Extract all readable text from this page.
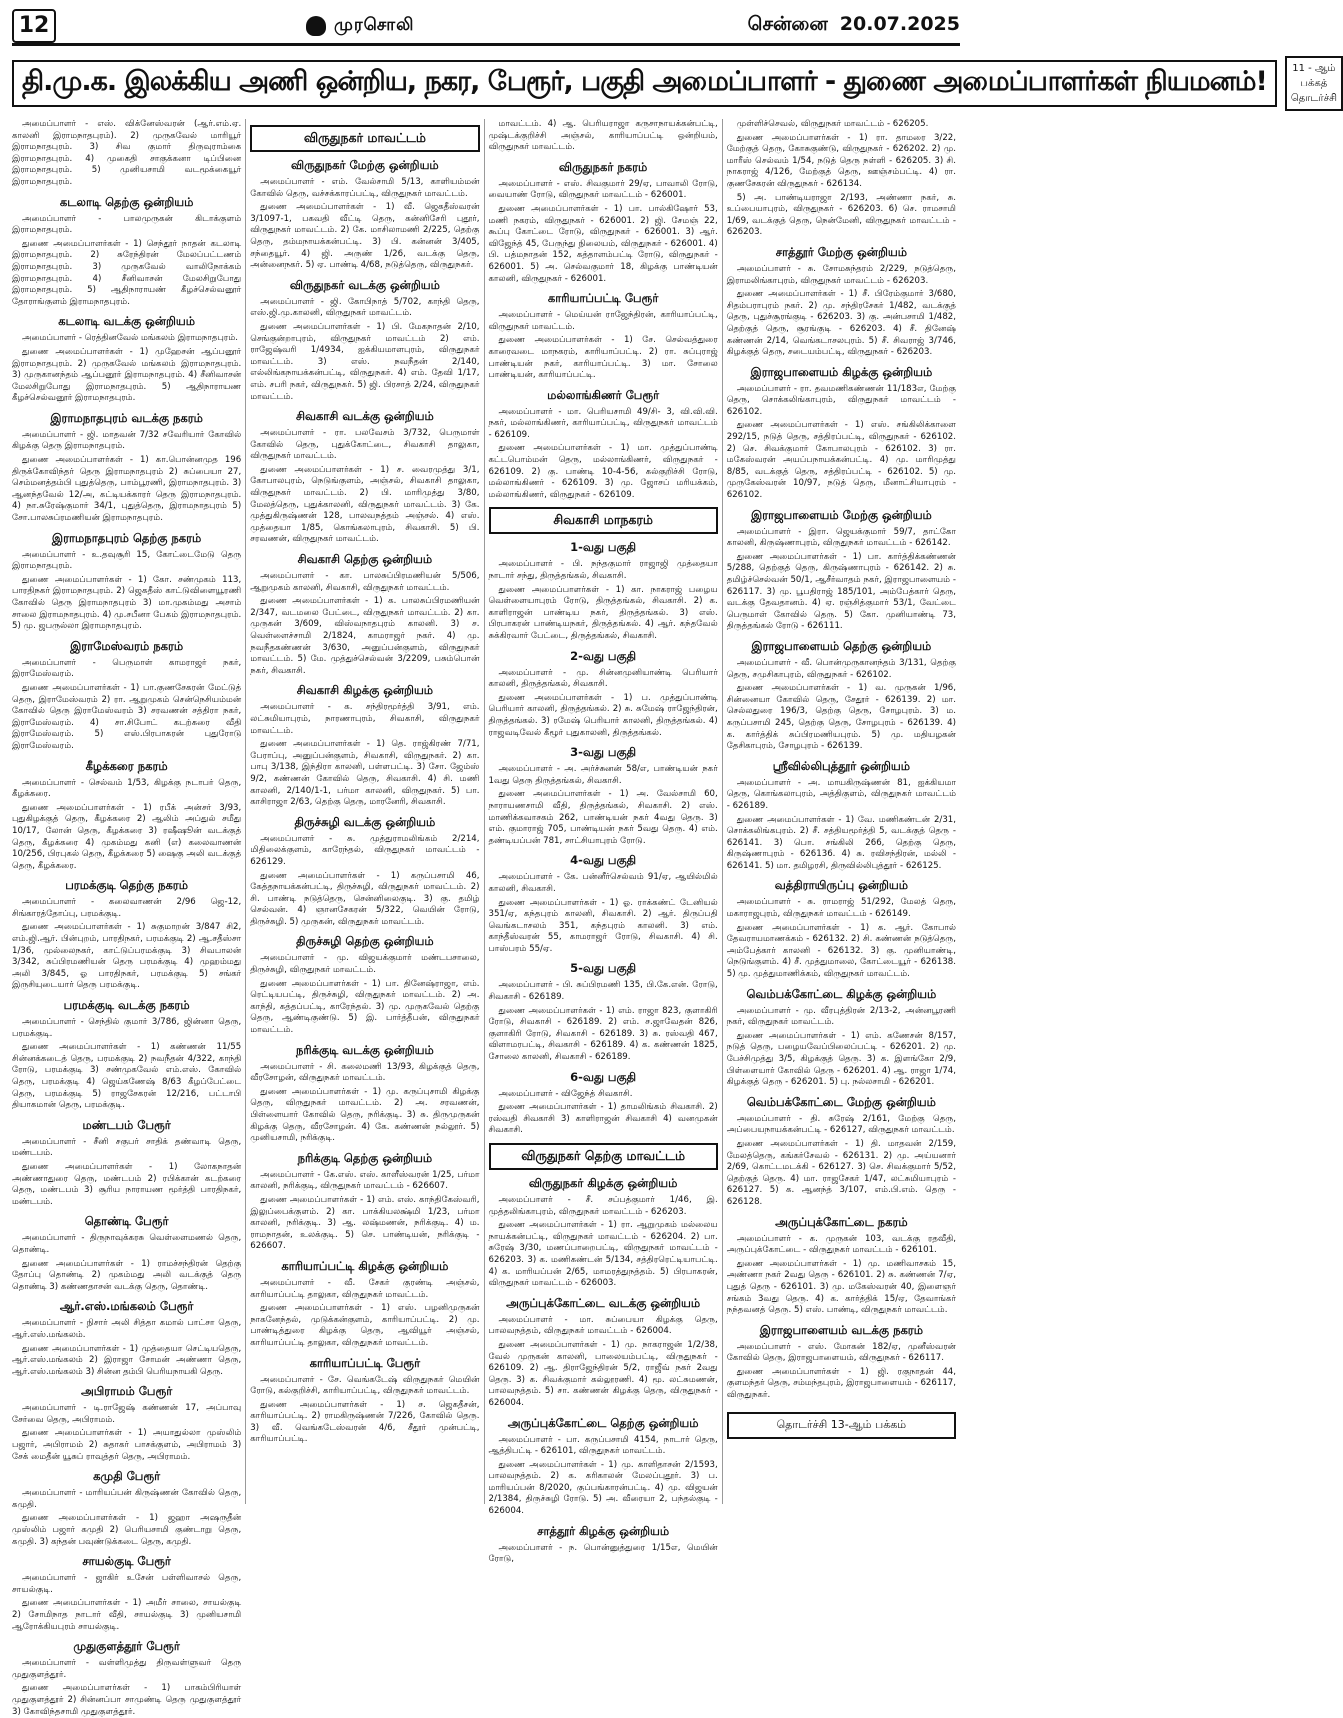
12	முரசொலி	சென்னை 20.07.2025
தி.மு.க. இலக்கிய அணி ஒன்றிய, நகர, பேரூர், பகுதி அமைப்பாளர் - துணை அமைப்பாளர்கள் நியமனம்!	11 - ஆம் பக்கத்
தொடர்ச்சி
அமைப்பாளர் - எஸ். விக்னேஸ்வரன் (ஆர்.எம்.ஏ. காலனி இராமநாதபுரம்). 2) முருகவேல் மாரியூர் இராமநாதபுரம். 3) சிவ குமார் திருவுராம்கை இராமநாதபுரம். 4) முகைதி சாகுக்கனா டிப்பினை இராமநாதபுரம். 5) முனியசாமி வடமூக்கையூர் இராமநாதபுரம்.
கடலாடி தெற்கு ஒன்றியம்
அமைப்பாளர் - பாலமுருகன் கிடாக்குளம் இராமநாதபுரம்.
துணை அமைப்பாளர்கள் - 1) செந்தூர் நாதன் கடலாடி இராமநாதபுரம். 2) சுரேந்திரன் மேலப்பட்டணம் இராமநாதபுரம். 3) முருகவேல் வாலிநோக்கம் இராமநாதபுரம். 4) சீனிவாசன் மேலசிறுபோது இராமநாதபுரம். 5) ஆதிநாராயண் கீழச்செல்வனூர் தோராங்குளம் இராமநாதபுரம்.
கடலாடி வடக்கு ஒன்றியம்
அமைப்பாளர் - ரெத்தினவேல் மங்கலம் இராமநாதபுரம்.
துணை அமைப்பாளர்கள் - 1) முஹேசன் ஆப்பனூர் இராமநாதபுரம். 2) முருகவேல் மங்கலம் இராமநாதபுரம். 3) முருகானந்தம் ஆப்பனூர் இராமநாதபுரம். 4) சீனிவாசன் மேலசிறுபோது இராமநாதபுரம். 5) ஆதிநாராயண கீழச்செல்வனூர் இராமநாதபுரம்.
இராமநாதபுரம் வடக்கு நகரம்
அமைப்பாளர் - ஜி. மாதவன் 7/32 சவேரியார் கோவில் கிழக்கு தெரு இராமநாதபுரம்.
துணை அமைப்பாளர்கள் - 1) கா.பொன்னமுத 196 திருக்கோவிந்தர் தெரு இராமநாதபுரம் 2) சுப்பையா 27, செம்மனத்தம்பி புதுத்தெரு, பாம்பூரணி, இராமநாதபுரம். 3) ஆனந்தவேல் 12/அ, கட்டியக்காரர் தெரு இராமநாதபுரம். 4) நா.சுரேஷ்குமார் 34/1, புதுத்தெரு, இராமநாதபுரம் 5) சோ.பாலசுப்ரமணியன் இராமநாதபுரம்.
இராமநாதபுரம் தெற்கு நகரம்
அமைப்பாளர் - உ.தவுசூரி 15, கோட்டைமேடு தெரு இராமநாதபுரம்.
துணை அமைப்பாளர்கள் - 1) கோ. சண்முகம் 113, பாரதிநகர் இராமநாதபுரம். 2) ஜெகதீஸ் காட்டுவிளையூரணி கோவில் தெரு இராமநாதபுரம் 3) மா.முகம்மது அசாம் சாலை இராமநாதபுரம். 4) மு.சபீனா பேகம் இராமநாதபுரம். 5) மு. ஜபருல்லா இராமநாதபுரம்.
இராமேஸ்வரம் நகரம்
அமைப்பாளர் - பெருமாள் காமராஜர் நகர், இராமேஸ்வரம்.
துணை அமைப்பாளர்கள் - 1) பா.குணசேகரன் மேட்டுத் தெரு, இராமேஸ்வரம் 2) ரா. ஆறுமுகம் சென்நெசியம்மன் கோவில் தெரு இராமேஸ்வரம் 3) சரவணன் சத்திரா நகர், இராமேஸ்வரம். 4) சா.சிபோட் கடற்கரை வீதி இராமேஸ்வரம். 5) எஸ்.பிரபாகரன் புதுரோடு இராமேஸ்வரம்.
கீழக்கரை நகரம்
அமைப்பாளர் - செல்வம் 1/53, கிழக்கு நடாபர் தெரு, கீழக்கரை.
துணை அமைப்பாளர்கள் - 1) ரபீக் அன்சர் 3/93, புதுகிழக்குத் தெரு, கீழக்கரை 2) ஆலிம் அப்துல் சமீது 10/17, லோன் தெரு, கீழக்கரை 3) ரஷீஷூன் வடக்குத் தெரு, கீழக்கரை 4) முகம்மது கனி (எ) கலைவாணன் 10/256, பிரபுகல் தெரு, கீழக்கரை 5) ஷைகு அலி வடக்குத் தெரு, கீழக்கரை.
பரமக்குடி தெற்கு நகரம்
அமைப்பாளர் - கலைவாணன் 2/96 ஜெ-12, சிங்காரத்தோப்பு, பரமக்குடி.
துணை அமைப்பாளர்கள் - 1) சுகுமாறன் 3/847 சி2, எம்.ஜி.ஆர். பின்புறம், பாரதிநகர், பரமக்குடி 2) ஆ.சதீஸ்சா 1/36, முல்லைநகர், காட்டுப்பரமக்குடி 3) சிவபாலன் 3/342, சுப்பிரமணியன் தெரு பரமக்குடி 4) முஹம்மது அலி 3/845, ஓ பாரதிநகர், பரமக்குடி 5) சங்கர் இருசியுடையார் தெரு பரமக்குடி.
பரமக்குடி வடக்கு நகரம்
அமைப்பாளர் - செந்தில் குமார் 3/786, ஜின்னா தெரு, பரமக்குடி.
துணை அமைப்பாளர்கள் - 1) கண்ணன் 11/55 சின்னக்கடைத் தெரு, பரமக்குடி 2) நவநீதன் 4/322, காந்தி ரோடு, பரமக்குடி 3) சண்முகவேல் எம்.எஸ். கோவில் தெரு, பரமக்குடி 4) ஜெய்கணேஷ் 8/63 கீழப்பேட்டை தெரு, பரமக்குடி 5) ராஜசேகரன் 12/216, பட்டாபி தியாகமான் தெரு, பரமக்குடி.
மண்டபம் பேரூர்
அமைப்பாளர் - சீனி சகுபர் சாதிக் தண்வாடி தெரு, மண்டபம்.
துணை அமைப்பாளர்கள் - 1) லோகநாதன் அண்ணாதுரை தெரு, மண்டபம் 2) ரபிக்கான் கடற்கரை தெரு, மண்டபம் 3) சூரிய நாராயண மூர்த்தி பாரதிநகர், மண்டபம்.
தொண்டி பேரூர்
அமைப்பாளர் - திருநாவுக்கரசு வெள்ளைமணல் தெரு, தொண்டி.
துணை அமைப்பாளர்கள் - 1) ராமச்சந்திரன் தெற்கு தோப்பு தொண்டி 2) முகம்மது அலி வடக்குத் தெரு தொண்டி 3) கண்ணதாசன் வடக்கு தெரு, தொண்டி.
ஆர்.எஸ்.மங்கலம் பேரூர்
அமைப்பாளர் - நிசார் அலி சித்தா கமால் பாட்சா தெரு, ஆர்.எஸ்.மங்கலம்.
துணை அமைப்பாளர்கள் - 1) முத்தையா செட்டியதெரு, ஆர்.எஸ்.மங்கலம் 2) இராஜா சோமன் அண்ணா தெரு, ஆர்.எஸ்.மங்கலம் 3) சின்ன தம்பி பெரியநாயகி தெரு.
அபிராமம் பேரூர்
அமைப்பாளர் - டி.ராஜேஷ் கண்ணன் 17, அப்பாவு சேர்வை தெரு, அபிராமம்.
துணை அமைப்பாளர்கள் - 1) அயாதுல்லா முஸ்லிம் பஜார், அபிராமம் 2) சுதாகர் பாசக்குளம், அபிராமம் 3) சேக் மைதீன் யூசுப் ராவுத்தர் தெரு, அபிராமம்.
கமுதி பேரூர்
அமைப்பாளர் - மாரியப்பன் கிருஷ்ணன் கோவில் தெரு, கமுதி.
துணை அமைப்பாளர்கள் - 1) ஜஹா அஷருதீன் முஸ்லிம் பஜார் கமுதி 2) பெரியசாமி குண்டாறு தெரு, கமுதி. 3) கந்தன் பவுண்டுக்கடை தெரு, கமுதி.
சாயல்குடி பேரூர்
அமைப்பாளர் - ஜாகிர் உசேன் பள்ளிவாசல் தெரு, சாயல்குடி.
துணை அமைப்பாளர்கள் - 1) அமீர் சாலை, சாயல்குடி 2) சோமிநாத நாடார் வீதி, சாயல்குடி 3) முனியசாமி ஆரோக்கியபுரம் சாயல்குடி.
முதுகுளத்தூர் பேரூர்
அமைப்பாளர் - வள்ளிமுத்து திருவள்ளுவர் தெரு முதுகுளத்தூர்.
துணை அமைப்பாளர்கள் - 1) பாகம்பிரியாள் முதுகுளத்தூர் 2) சின்னப்பா சாமுண்டி தெரு முதுகுளத்தூர் 3) கோவிந்தசாமி முதுகுளத்தூர்.
விருதுநகர் மாவட்டம்
விருதுநகர் மேற்கு ஒன்றியம்
அமைப்பாளர் - எம். வேல்சாமி 5/13, காளியம்மன் கோவில் தெரு, வச்சக்காரப்பட்டி, விருதுநகர் மாவட்டம்.
துணை அமைப்பாளர்கள் - 1) வீ. ஜெகதீஸ்வரன் 3/1097-1, பகவதி வீட்டி தெரு, கன்னிசேரி புதூர், விருதுநகர் மாவட்டம். 2) கே. மாசிலாமணி 2/225, தெற்கு தெரு, தம்மநாயக்கன்பட்டி. 3) பி. கன்னன் 3/405, சந்தையூர். 4) ஜி. அருண் 1/26, வடக்கு தெரு, அன்னைநகர். 5) ஏ. பாண்டி 4/68, நடுத்தெரு, விருதுநகர்.
விருதுநகர் வடக்கு ஒன்றியம்
அமைப்பாளர் - ஜி. கோபிநாத் 5/702, காந்தி தெரு, எஸ்.ஜி.மு.காலனி, விருதுநகர் மாவட்டம்.
துணை அமைப்பாளர்கள் - 1) பி. மேகநாதன் 2/10, செங்குன்றாபுரம், விருதுநகர் மாவட்டம் 2) எம். ராஜேஷ்வரி 1/4934, ஐக்கியமாளபுரம், விருதுநகர் மாவட்டம். 3) எஸ். நவநீதன் 2/140, எல்லிங்கநாயக்கன்பட்டி, விருதுநகர். 4) எம். தேவி 1/17, எம். சபரி நகர், விருதுநகர். 5) ஜி. பிரசாத் 2/24, விருதுநகர் மாவட்டம்.
சிவகாசி வடக்கு ஒன்றியம்
அமைப்பாளர் - ரா. பலவேசம் 3/732, பெருமாள் கோவில் தெரு, புதுக்கோட்டை, சிவகாசி தாலுகா, விருதுநகர் மாவட்டம்.
துணை அமைப்பாளர்கள் - 1) ச. வைரமுத்து 3/1, கோபாலபுரம், நெடுங்குளம், அஞ்சல், சிவகாசி தாலுகா, விருதுநகர் மாவட்டம். 2) பி. மாரிமுத்து 3/80, மேலத்தெரு, புதுக்காலனி, விருதுநகர் மாவட்டம். 3) கே. முத்துகிருஷ்ணன் 128, பாலவநத்தம் அஞ்சல். 4) எஸ். முத்தையா 1/85, கொங்கலாபுரம், சிவகாசி. 5) பி. சரவணன், விருதுநகர் மாவட்டம்.
சிவகாசி தெற்கு ஒன்றியம்
அமைப்பாளர் - கா. பாலசுப்பிரமணியன் 5/506, ஆறுமுகம் காலனி, சிவகாசி, விருதுநகர் மாவட்டம்.
துணை அமைப்பாளர்கள் - 1) க. பாலசுப்பிரமணியன் 2/347, வடமலை பேட்டை, விருதுநகர் மாவட்டம். 2) கா. முருகன் 3/609, விஸ்வநாதபுரம் காலனி. 3) ச. வெள்ளைச்சாமி 2/1824, காமராஜர் நகர். 4) மு. நவநீதகண்ணன் 3/630, அனுப்பன்குளம், விருதுநகர் மாவட்டம். 5) மே. முத்துச்செல்வன் 3/2209, பசும்பொன் நகர், சிவகாசி.
சிவகாசி கிழக்கு ஒன்றியம்
அமைப்பாளர் - க. சந்திரமூர்த்தி 3/91, எம். லட்சுமியாபுரம், நாரணாபுரம், சிவகாசி, விருதுநகர் மாவட்டம்.
துணை அமைப்பாளர்கள் - 1) தெ. ராஜ்கிரண் 7/71, பேராப்பு, அனுப்பன்குளம், சிவகாசி, விருதுநகர். 2) கா. பாபு 3/138, இந்திரா காலனி, பள்ளபட்டி. 3) சோ. ஜேம்ஸ் 9/2, கண்ணன் கோவில் தெரு, சிவகாசி. 4) சி. மணி காலனி, 2/140/1-1, பர்மா காலனி, விருதுநகர். 5) பா. காசிராஜா 2/63, தெற்கு தெரு, மாரனேரி, சிவகாசி.
திருச்சுழி வடக்கு ஒன்றியம்
அமைப்பாளர் - சு. முத்துராமலிங்கம் 2/214, மிதிலைக்குளம், காரேந்தல், விருதுநகர் மாவட்டம் - 626129.
துணை அமைப்பாளர்கள் - 1) கருப்பசாமி 46, கேத்தநாயக்கன்பட்டி, திருச்சுழி, விருதுநகர் மாவட்டம். 2) சி. பாண்டி நடுத்தெரு, சென்னிலைகுடி. 3) கு. தமிழ் செல்வன். 4) ஞானசேகரன் 5/322, வெயின் ரோடு, திருச்சுழி. 5) முருகன், விருதுநகர் மாவட்டம்.
திருச்சுழி தெற்கு ஒன்றியம்
அமைப்பாளர் - மு. விஜயக்குமார் மண்டபசாலை, திருச்சுழி, விருதுநகர் மாவட்டம்.
துணை அமைப்பாளர்கள் - 1) பா. தினேஷ்ராஜா, எம். ரெட்டியபட்டி, திருச்சுழி, விருதுநகர் மாவட்டம். 2) அ. காந்தி, கத்தப்பட்டி, காரேந்தல். 3) மு. முருகவேல் தெற்கு தெரு, ஆண்டிகுண்டு. 5) இ. பார்த்தீபன், விருதுநகர் மாவட்டம்.
நரிக்குடி வடக்கு ஒன்றியம்
அமைப்பாளர் - சி. கலைமணி 13/93, கிழக்குத் தெரு, வீரசோழன், விருதுநகர் மாவட்டம்.
துணை அமைப்பாளர்கள் - 1) மு. கருப்புசாமி கிழக்கு தெரு, விருதுநகர் மாவட்டம். 2) அ. சரவணன், பிள்ளையார் கோவில் தெரு, நரிக்குடி. 3) சு. திருமுருகன் கிழக்கு தெரு, வீரசோழன். 4) கே. கண்ணன் நல்லூர். 5) முனியசாமி, நரிக்குடி.
நரிக்குடி தெற்கு ஒன்றியம்
அமைப்பாளர் - கே.எஸ். எஸ். காளீஸ்வரன் 1/25, பர்மா காலனி, நரிக்குடி, விருதுநகர் மாவட்டம் - 626607.
துணை அமைப்பாளர்கள் - 1) எம். எஸ். காந்திகேஸ்வரி, இலுப்பைக்குளம். 2) கா. பாக்கியலக்ஷ்மி 1/23, பர்மா காலனி, நரிக்குடி. 3) ஆ. லஷ்மணன், நரிக்குடி. 4) ம. ராமநாதன், உலக்குடி. 5) செ. பாண்டியன், நரிக்குடி - 626607.
காரியாப்பட்டி கிழக்கு ஒன்றியம்
அமைப்பாளர் - வீ. சேகர் குரண்டி அஞ்சல், காரியாப்பட்டி தாலுகா, விருதுநகர் மாவட்டம்.
துணை அமைப்பாளர்கள் - 1) எஸ். பழனிமுருகன் நாகனேந்தல், முடுக்கன்குளம், காரியாப்பட்டி. 2) மு. பாண்டித்துரை கிழக்கு தெரு, ஆவியூர் அஞ்சல், காரியாப்பட்டி தாலுகா, விருதுநகர் மாவட்டம்.
காரியாப்பட்டி பேரூர்
அமைப்பாளர் - சே. வெங்கடேஷ் விருதுநகர் மெயின் ரோடு, கல்குறிச்சி, காரியாப்பட்டி, விருதுநகர் மாவட்டம்.
துணை அமைப்பாளர்கள் - 1) ச. ஜெகதீசன், காரியாப்பட்டி. 2) ராமகிருஷ்ணன் 7/226, கோவில் தெரு. 3) வீ. வெங்கடேஸ்வரன் 4/6, சீதூர் முன்பட்டி, காரியாப்பட்டி.
மாவட்டம். 4) ஆ. பெரியராஜா கருசாநாயக்கன்பட்டி, முஷ்டக்குறிச்சி அஞ்சல், காரியாப்பட்டி ஒன்றியம், விருதுநகர் மாவட்டம்.
விருதுநகர் நகரம்
அமைப்பாளர் - எஸ். சிவகுமார் 29/ஏ, பாவாலி ரோடு, வையாண் ரோடு, விருதுநகர் மாவட்டம் - 626001.
துணை அமைப்பாளர்கள் - 1) பா. பால்கிஷோர் 53, மணி நகரம், விருதுநகர் - 626001. 2) ஜி. சேமஞ் 22, கூப்பு கோட்டை ரோடு, விருதுநகர் - 626001. 3) ஆர். விஜேந்த் 45, பேருந்து நிலையம், விருதுநகர் - 626001. 4) பி. பத்மநாதன் 152, கத்தாளம்பட்டி ரோடு, விருதுநகர் - 626001. 5) அ. செல்வகுமார் 18, கிழக்கு பாண்டியன் காலனி, விருதுநகர் - 626001.
காரியாப்பட்டி பேரூர்
அமைப்பாளர் - மெய்யன் ராஜேந்திரன், காரியாப்பட்டி, விருதுநகர் மாவட்டம்.
துணை அமைப்பாளர்கள் - 1) சே. செல்வத்துரை காரைவடை மாநகரம், காரியாப்பட்டி. 2) ரா. சுப்புராஜ் பாண்டியன் நகர், காரியாப்பட்டி. 3) மா. சோலை பாண்டியன், காரியாப்பட்டி.
மல்லாங்கிணர் பேரூர்
அமைப்பாளர் - மா. பெரியசாமி 49/சி- 3, வி.வி.வி. நகர், மல்லாங்கிணர், காரியாப்பட்டி, விருதுநகர் மாவட்டம் - 626109.
துணை அமைப்பாளர்கள் - 1) மா. முத்துப்பாண்டி கட்டபொம்மன் தெரு, மல்லாங்கிணர், விருதுநகர் - 626109. 2) கு. பாண்டி 10-4-56, கல்குறிச்சி ரோடு, மல்லாங்கிணர் - 626109. 3) மு. ஜோசப் மரியக்கம், மல்லாங்கிணர், விருதுநகர் - 626109.
சிவகாசி மாநகரம்
1-வது பகுதி
அமைப்பாளர் - பி. நந்தகுமார் ராஜாஜி முத்தையா நாடார் சந்து, திருத்தங்கல், சிவகாசி.
துணை அமைப்பாளர்கள் - 1) கா. நாகராஜ் பழைய வெள்ளையாபுரம் ரோடு, திருத்தங்கல், சிவகாசி. 2) க. காளிராஜன் பாண்டிய நகர், திருத்தங்கல். 3) எஸ். பிரபாகரன் பாண்டியநகர், திருத்தங்கல். 4) ஆர். கந்தவேல் சுக்கிரவார் பேட்டை, திருத்தங்கல், சிவகாசி.
2-வது பகுதி
அமைப்பாளர் - மு. சின்னமுனியாண்டி பெரியார் காலனி, திருத்தங்கல், சிவகாசி.
துணை அமைப்பாளர்கள் - 1) ப. முத்துப்பாண்டி பெரியார் காலனி, திருத்தங்கல். 2) சு. சுமேஷ் ராஜேந்திரன், திருத்தங்கல். 3) ரமேஷ் பெரியார் காலனி, திருத்தங்கல். 4) ராஜவடிவேல் கீழூர் புதுகாலனி, திருத்தங்கல்.
3-வது பகுதி
அமைப்பாளர் - அ. அர்ச்சுனன் 58/எ, பாண்டியன் நகர் 1வது தெரு திருத்தங்கல், சிவகாசி.
துணை அமைப்பாளர்கள் - 1) அ. வேல்சாமி 60, நாராயணசாமி வீதி, திருத்தங்கல், சிவகாசி. 2) எஸ். மாணிக்கவாசகம் 262, பாண்டியன் நகர் 4வது தெரு. 3) எம். குமாராஜ் 705, பாண்டியன் நகர் 5வது தெரு. 4) எம். தண்டியப்பன் 781, சாட்சியாபுரம் ரோடு.
4-வது பகுதி
அமைப்பாளர் - கே. பன்னீர்செல்வம் 91/ஏ, ஆயில்மில் காலனி, சிவகாசி.
துணை அமைப்பாளர்கள் - 1) ஓ. ராக்கண்ட் டேனியல் 351/ஏ, கந்தபுரம் காலனி, சிவகாசி. 2) ஆர். திருப்பதி வெங்கடாசலம் 351, கந்தபுரம் காலனி. 3) எம். காந்தீஸ்வரன் 55, காமராஜர் ரோடு, சிவகாசி. 4) சி. பாஸ்பரம் 55/ஏ.
5-வது பகுதி
அமைப்பாளர் - பி. சுப்பிரமணி 135, பி.கே.என். ரோடு, சிவகாசி - 626189.
துணை அமைப்பாளர்கள் - 1) எம். ராஜா 823, குளாகிரி ரோடு, சிவகாசி - 626189. 2) எம். ச.ஜாவேதன் 826, குளாகிரி ரோடு, சிவகாசி - 626189. 3) சு. ரஸ்வதி 467, விளாமரபட்டி, சிவகாசி - 626189. 4) க. கண்ணன் 1825, சோலை காலனி, சிவகாசி - 626189.
6-வது பகுதி
அமைப்பாளர் - விஜேந்த் சிவகாசி.
துணை அமைப்பாளர்கள் - 1) தாமலிங்கம் சிவகாசி. 2) ரஸ்வதி சிவகாசி 3) காளிராஜன் சிவகாசி 4) வனமுகன் சிவகாசி.
விருதுநகர் தெற்கு மாவட்டம்
விருதுநகர் கிழக்கு ஒன்றியம்
அமைப்பாளர் - சீ. சப்பத்குமார் 1/46, இ. முத்தலிங்காபுரம், விருதுநகர் மாவட்டம் - 626203.
துணை அமைப்பாளர்கள் - 1) ரா. ஆறுமுகம் மல்லைய நாயக்கன்பட்டி, விருதுநகர் மாவட்டம் - 626204. 2) பா. சுரேஷ் 3/30, மணப்பாறைபட்டி, விருதுநகர் மாவட்டம் - 626203. 3) க. மணிகண்டன் 5/134, சத்திரரெட்டியாபட்டி. 4) க. மாரியப்பன் 2/65, மாமரத்துநத்தம். 5) பிரபாகரன், விருதுநகர் மாவட்டம் - 626003.
அருப்புக்கோட்டை வடக்கு ஒன்றியம்
அமைப்பாளர் - மா. சுப்பையா கிழக்கு தெரு, பாலவநத்தம், விருதுநகர் மாவட்டம் - 626004.
துணை அமைப்பாளர்கள் - 1) மு. நாகராஜன் 1/2/38, வேல் முருகன் காலனி, பாலையம்பட்டி, விருதுநகர் - 626109. 2) ஆ. திராஜேந்திரன் 5/2, ராஜீவ் நகர் 2வது தெரு. 3) க. சிவக்குமார் கல்லூரணி. 4) மூ. லட்சுமணன், பாலவநத்தம். 5) சா. கண்ணன் கிழக்கு தெரு, விருதுநகர் - 626004.
அருப்புக்கோட்டை தெற்கு ஒன்றியம்
அமைப்பாளர் - பா. கருப்பசாமி 4154, நாடார் தெரு, ஆத்திபட்டி - 626101, விருதுநகர் மாவட்டம்.
துணை அமைப்பாளர்கள் - 1) மு. காளிதாசன் 2/1593, பாலவநத்தம். 2) க. கரிகாலன் மேலப்புதூர். 3) ப. மாரியப்பன் 8/2020, குப்பங்காரன்பட்டி. 4) மு. விஜயன் 2/1384, திருச்சுழி ரோடு. 5) அ. வீரையா 2, பந்தல்குடி - 626004.
சாத்தூர் கிழக்கு ஒன்றியம்
அமைப்பாளர் - ந. பொன்னுத்துரை 1/15எ, மெயின் ரோடு,
முள்ளிச்செவல், விருதுநகர் மாவட்டம் - 626205.
துணை அமைப்பாளர்கள் - 1) ரா. தாமரை 3/22, மேற்குத் தெரு, கோசுகுண்டு, விருதுநகர் - 626202. 2) மு. மாரீஸ் செல்வம் 1/54, நடுத் தெரு நள்ளி - 626205. 3) சி. நாகராஜ் 4/126, மேற்குத் தெரு, ஊஞ்சம்பட்டி. 4) ரா. குணசேகரன் விருதுநகர் - 626134.
5) அ. பாண்டியராஜா 2/193, அண்ணா நகர், சு. உப்பையாபுரம், விருதுநகர் - 626203. 6) செ. ராமசாமி 1/69, வடக்குத் தெரு, நென்மேனி, விருதுநகர் மாவட்டம் - 626203.
சாத்தூர் மேற்கு ஒன்றியம்
அமைப்பாளர் - சு. சோமசுந்தரம் 2/229, நடுத்தெரு, இராமலிங்காபுரம், விருதுநகர் மாவட்டம் - 626203.
துணை அமைப்பாளர்கள் - 1) சீ. பிரேம்குமார் 3/680, சிதம்பராபுரம் நகர். 2) மு. சந்திரசேகர் 1/482, வடக்குத் தெரு, புதுச்சூரங்குடி - 626203. 3) கு. அன்பசாமி 1/482, தெற்குத் தெரு, சூரங்குடி - 626203. 4) சீ. தினேஷ் கண்ணன் 2/14, வெங்கடாசலபுரம். 5) சீ. சிவராஜ் 3/746, கிழக்குத் தெரு, சடையம்பட்டி, விருதுநகர் - 626203.
இராஜபாளையம் கிழக்கு ஒன்றியம்
அமைப்பாளர் - ரா. தவமணிகண்ணன் 11/183எ, மேற்கு தெரு, சொக்கலிங்காபுரம், விருதுநகர் மாவட்டம் - 626102.
துணை அமைப்பாளர்கள் - 1) எஸ். சங்கிலிக்காளை 292/15, நடுத் தெரு, சத்திரப்பட்டி, விருதுநகர் - 626102. 2) செ. சிவக்குமார் கோபாலபுரம் - 626102. 3) ரா. மகேஸ்வரன் அயப்பநாயக்கன்பட்டி. 4) மு. மாரிமுத்து 8/85, வடக்குத் தெரு, சத்திரப்பட்டி - 626102. 5) மு. முருகேஸ்வரன் 10/97, நடுத் தெரு, மீனாட்சியாபுரம் - 626102.
இராஜபாளையம் மேற்கு ஒன்றியம்
அமைப்பாளர் - இரா. ஜெயக்குமார் 59/7, தாட்கோ காலனி, கிருஷ்ணாபுரம், விருதுநகர் மாவட்டம் - 626142.
துணை அமைப்பாளர்கள் - 1) பா. கார்த்திக்கண்ணன் 5/288, தெற்குத் தெரு, கிருஷ்ணாபுரம் - 626142. 2) சு. தமிழ்ச்செல்வன் 50/1, ஆசீர்வாதம் நகர், இராஜபாளையம் - 626117. 3) மு. பூபதிராஜ் 185/101, அம்பேத்கார் தெரு, வடக்கு தேவதானம். 4) ஏ. ரஞ்சித்குமார் 53/1, வேட்டை பெருமாள் கோவில் தெரு. 5) கோ. முனியாண்டி 73, திருத்தங்கல் ரோடு - 626111.
இராஜபாளையம் தெற்கு ஒன்றியம்
அமைப்பாளர் - வீ. பொன்முருகானந்தம் 3/131, தெற்கு தெரு, சமுசிகாபுரம், விருதுநகர் - 626102.
துணை அமைப்பாளர்கள் - 1) வ. முருகன் 1/96, சின்னையா கோவில் தெரு, சேதூர் - 626139. 2) மா. செல்லதுரை 196/3, தெற்கு தெரு, சோழபுரம். 3) ம. கருப்பசாமி 245, தெற்கு தெரு, சோழபுரம் - 626139. 4) க. கார்த்திக் சுப்பிரமணியபுரம். 5) மு. மதியழகன் தேசிகாபுரம், சோழபுரம் - 626139.
ஸ்ரீவில்லிபுத்தூர் ஒன்றியம்
அமைப்பாளர் - அ. மாயகிருஷ்ணன் 81, ஐக்கியமா தெரு, கொங்கலாபுரம், அத்திகுளம், விருதுநகர் மாவட்டம் - 626189.
துணை அமைப்பாளர்கள் - 1) வே. மணிகண்டன் 2/31, சொக்கலிங்கபுரம். 2) சீ. சத்தியமூர்த்தி 5, வடக்குத் தெரு - 626141. 3) பொ. சங்கிலி 266, தெற்கு தெரு, கிருஷ்ணாபுரம் - 626136. 4) சு. ரவிசந்திரன், மல்லி - 626141. 5) மா. தமிழரசி, திருவில்லிபுத்தூர் - 626125.
வத்திராயிருப்பு ஒன்றியம்
அமைப்பாளர் - சு. ராமராஜ் 51/292, மேலத் தெரு, மகாராஜபுரம், விருதுநகர் மாவட்டம் - 626149.
துணை அமைப்பாளர்கள் - 1) க. ஆர். கோபால் தேவராயமாணக்கம் - 626132. 2) சி. கண்ணன் நடுத்தெரு, அம்பேத்கார் காலனி - 626132. 3) கு. முனியாண்டி, நெடுங்குளம். 4) சீ. முத்துமாலை, கோட்டையூர் - 626138. 5) மு. முத்துமாணிக்கம், விருதுநகர் மாவட்டம்.
வெம்பக்கோட்டை கிழக்கு ஒன்றியம்
அமைப்பாளர் - மு. வீரபுத்திரன் 2/13-2, அன்னபூரணி நகர், விருதுநகர் மாவட்டம்.
துணை அமைப்பாளர்கள் - 1) எம். கணேசன் 8/157, நடுத் தெரு, பழையவேப்பிலைப்பட்டி - 626201. 2) மு. பேச்சிமுத்து 3/5, கிழக்குத் தெரு. 3) க. இளங்கோ 2/9, பிள்ளையார் கோவில் தெரு - 626201. 4) ஆ. ராஜா 1/74, கிழக்குத் தெரு - 626201. 5) பு. நல்லசாமி - 626201.
வெம்பக்கோட்டை மேற்கு ஒன்றியம்
அமைப்பாளர் - தி. சுரேஷ் 2/161, மேற்கு தெரு, அப்பையநாயக்கன்பட்டி - 626127, விருதுநகர் மாவட்டம்.
துணை அமைப்பாளர்கள் - 1) தி. மாதவன் 2/159, மேலத்தெரு, கங்கர்சேவல் - 626131. 2) மு. அய்யனார் 2/69, கொட்டமடக்கி - 626127. 3) செ. சிவக்குமார் 5/52, தெற்குத் தெரு. 4) மா. ராஜசேகர் 1/47, லட்சுமியாபுரம் - 626127. 5) க. ஆனந்த் 3/107, எம்.பி.எம். தெரு - 626128.
அருப்புக்கோட்டை நகரம்
அமைப்பாளர் - க. முருகன் 103, வடக்கு ரதவீதி, அருப்புக்கோட்டை - விருதுநகர் மாவட்டம் - 626101.
துணை அமைப்பாளர்கள் - 1) மு. மணிவாசகம் 15, அண்ணா நகர் 2வது தெரு - 626101. 2) சு. கண்ணன் 7/ஏ, புதுத் தெரு - 626101. 3) மு. மகேஸ்வரன் 40, இளைஞர் சங்கம் 3வது தெரு. 4) க. கார்த்திக் 15/ஏ, தேவாங்கர் நந்தவனத் தெரு. 5) எஸ். பாண்டி, விருதுநகர் மாவட்டம்.
இராஜபாளையம் வடக்கு நகரம்
அமைப்பாளர் - எஸ். மோகன் 182/ஏ, முனீஸ்வரன் கோவில் தெரு, இராஜபாளையம், விருதுநகர் - 626117.
துணை அமைப்பாளர்கள் - 1) ஜி. ரகுநாதன் 44, குளமந்தர் தெரு, சம்மந்தபுரம், இராஜபாளையம் - 626117, விருதுநகர்.
தொடர்ச்சி 13-ஆம் பக்கம்
